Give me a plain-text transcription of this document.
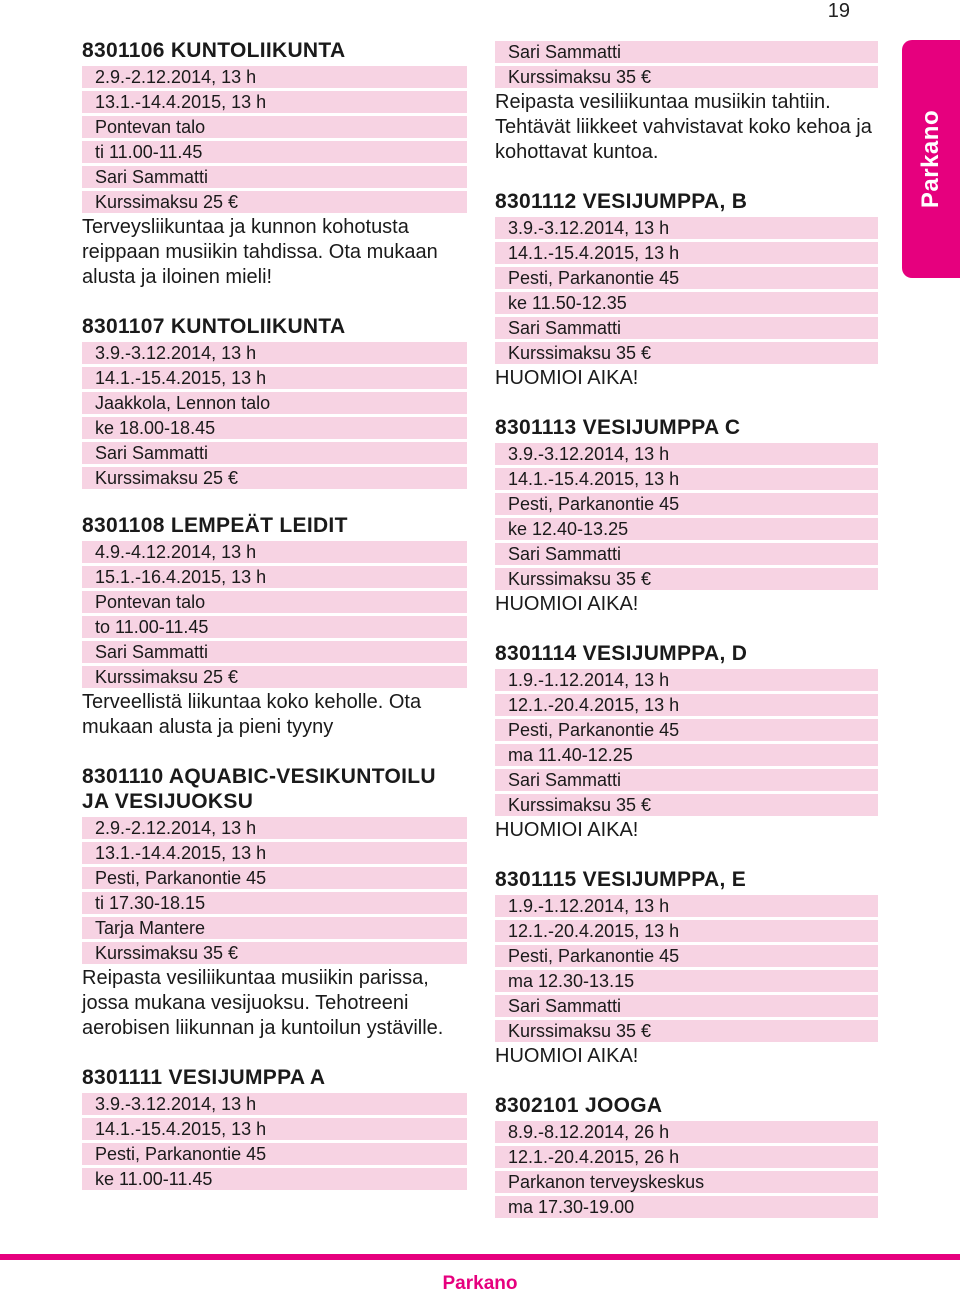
19
Parkano
8301106 KUNTOLIIKUNTA
2.9.-2.12.2014, 13 h
13.1.-14.4.2015, 13 h
Pontevan talo
ti 11.00-11.45
Sari Sammatti
Kurssimaksu 25 €

Terveysliikuntaa ja kunnon kohotusta reippaan musiikin tahdissa. Ota mukaan alusta ja iloinen mieli!

8301107 KUNTOLIIKUNTA
3.9.-3.12.2014, 13 h
14.1.-15.4.2015, 13 h
Jaakkola, Lennon talo
ke 18.00-18.45
Sari Sammatti
Kurssimaksu 25 €
8301108 LEMPEÄT LEIDIT
4.9.-4.12.2014, 13 h
15.1.-16.4.2015, 13 h
Pontevan talo
to 11.00-11.45
Sari Sammatti
Kurssimaksu 25 €

Terveellistä liikuntaa koko keholle. Ota mukaan alusta ja pieni tyyny

8301110 AQUABIC-VESIKUNTOILU
JA VESIJUOKSU
2.9.-2.12.2014, 13 h
13.1.-14.4.2015, 13 h
Pesti, Parkanontie 45
ti 17.30-18.15
Tarja Mantere
Kurssimaksu 35 €

Reipasta vesiliikuntaa musiikin parissa, jossa mukana vesijuoksu. Tehotreeni aerobisen liikunnan ja kuntoilun ystäville.

8301111 VESIJUMPPA A
3.9.-3.12.2014, 13 h
14.1.-15.4.2015, 13 h
Pesti, Parkanontie 45
ke 11.00-11.45
Sari Sammatti
Kurssimaksu 35 €

Reipasta vesiliikuntaa musiikin tahtiin. Tehtävät liikkeet vahvistavat koko kehoa ja kohottavat kuntoa.

8301112 VESIJUMPPA, B
3.9.-3.12.2014, 13 h
14.1.-15.4.2015, 13 h
Pesti, Parkanontie 45
ke 11.50-12.35
Sari Sammatti
Kurssimaksu 35 €

HUOMIOI AIKA!

8301113 VESIJUMPPA C
3.9.-3.12.2014, 13 h
14.1.-15.4.2015, 13 h
Pesti, Parkanontie 45
ke 12.40-13.25
Sari Sammatti
Kurssimaksu 35 €

HUOMIOI AIKA!

8301114 VESIJUMPPA, D
1.9.-1.12.2014, 13 h
12.1.-20.4.2015, 13 h
Pesti, Parkanontie 45
ma 11.40-12.25
Sari Sammatti
Kurssimaksu 35 €

HUOMIOI AIKA!

8301115 VESIJUMPPA, E
1.9.-1.12.2014, 13 h
12.1.-20.4.2015, 13 h
Pesti, Parkanontie 45
ma 12.30-13.15
Sari Sammatti
Kurssimaksu 35 €

HUOMIOI AIKA!

8302101 JOOGA
8.9.-8.12.2014, 26 h
12.1.-20.4.2015, 26 h
Parkanon terveyskeskus
ma 17.30-19.00
Parkano
